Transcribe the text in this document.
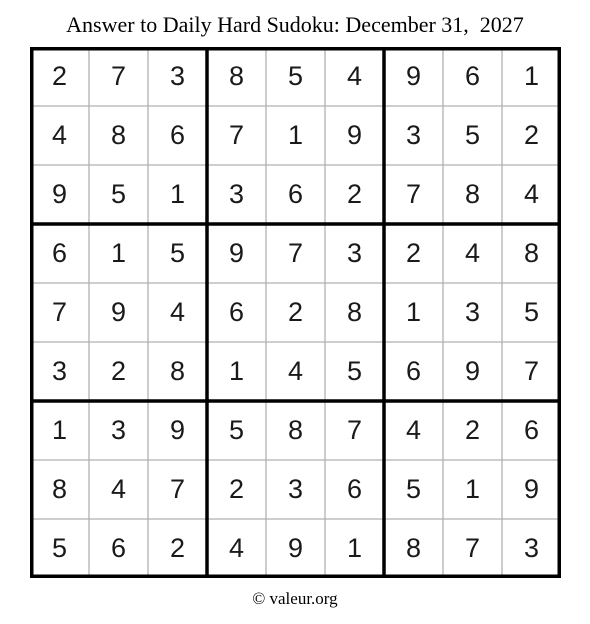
Answer to Daily Hard Sudoku: December 31,  2027
2	7	3	8	5	4	9	6	1
4	8	6	7	1	9	3	5	2
9	5	1	3	6	2	7	8	4
6	1	5	9	7	3	2	4	8
7	9	4	6	2	8	1	3	5
3	2	8	1	4	5	6	9	7
1	3	9	5	8	7	4	2	6
8	4	7	2	3	6	5	1	9
5	6	2	4	9	1	8	7	3
© valeur.org
